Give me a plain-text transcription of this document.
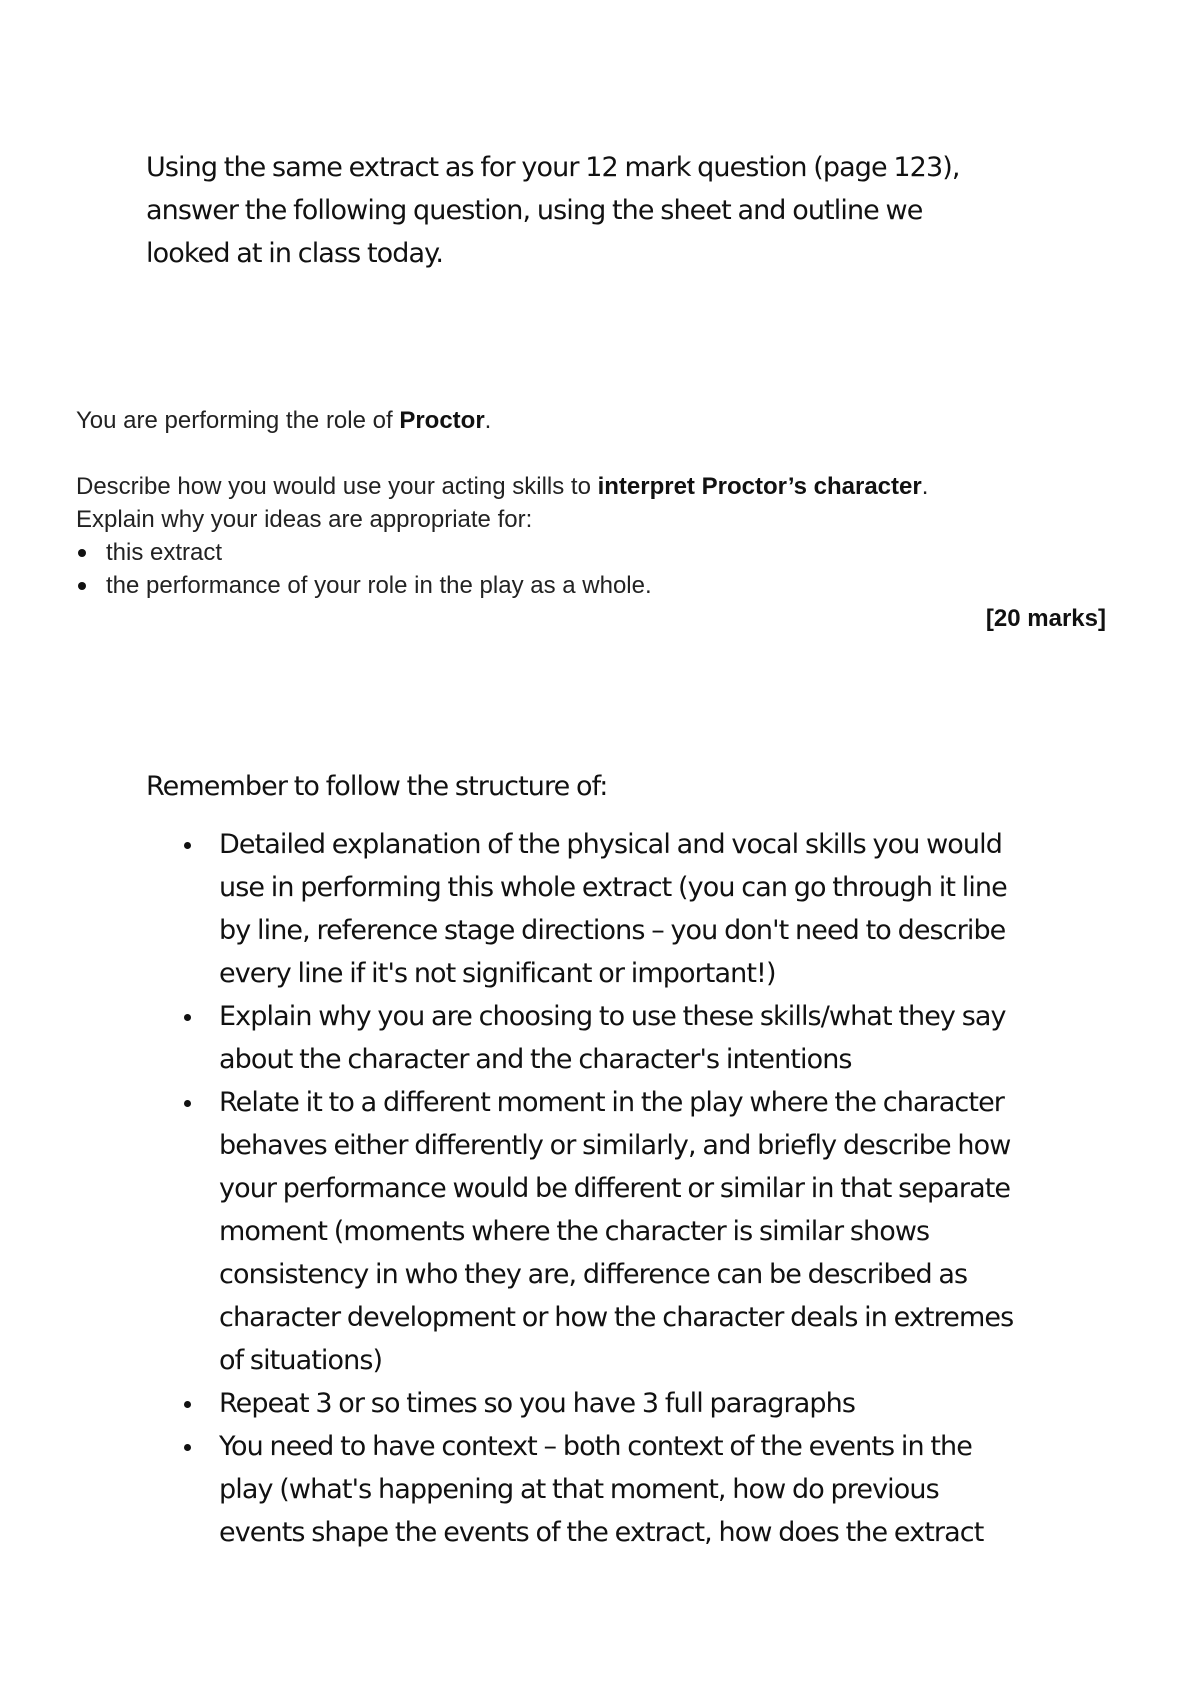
Using the same extract as for your 12 mark question (page 123),
answer the following question, using the sheet and outline we
looked at in class today.
You are performing the role of Proctor.
Describe how you would use your acting skills to interpret Proctor’s character.
Explain why your ideas are appropriate for:
this extract
the performance of your role in the play as a whole.
[20 marks]
Remember to follow the structure of:
Detailed explanation of the physical and vocal skills you would
use in performing this whole extract (you can go through it line
by line, reference stage directions – you don't need to describe
every line if it's not significant or important!)
Explain why you are choosing to use these skills/what they say
about the character and the character's intentions
Relate it to a different moment in the play where the character
behaves either differently or similarly, and briefly describe how
your performance would be different or similar in that separate
moment (moments where the character is similar shows
consistency in who they are, difference can be described as
character development or how the character deals in extremes
of situations)
Repeat 3 or so times so you have 3 full paragraphs
You need to have context – both context of the events in the
play (what's happening at that moment, how do previous
events shape the events of the extract, how does the extract
